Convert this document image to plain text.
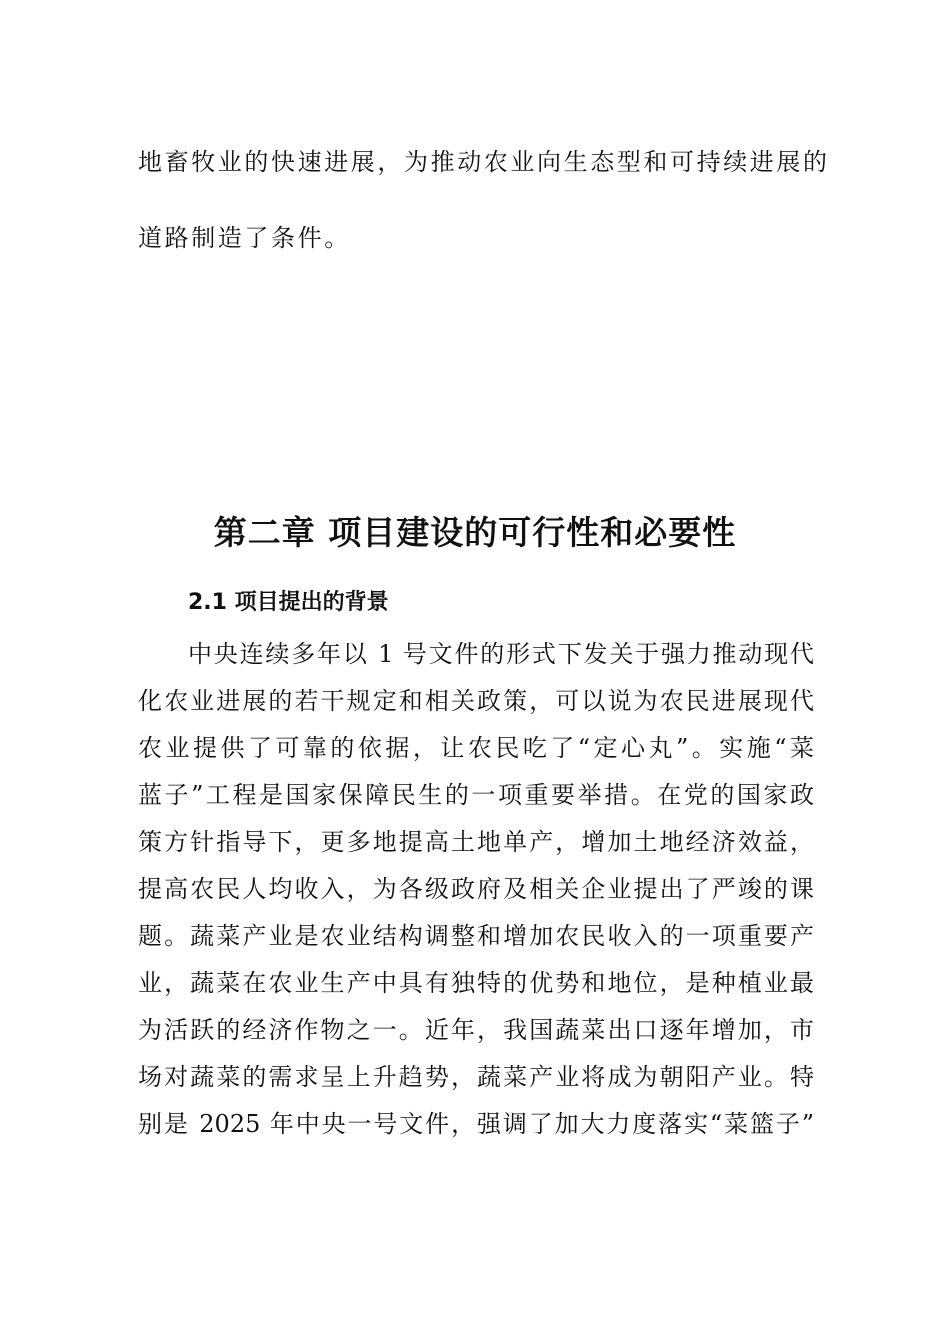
地畜牧业的快速进展，为推动农业向生态型和可持续进展的
道路制造了条件。
第二章 项目建设的可行性和必要性
2.1 项目提出的背景
中央连续多年以 1 号文件的形式下发关于强力推动现代
化农业进展的若干规定和相关政策，可以说为农民进展现代
农业提供了可靠的依据，让农民吃了“定心丸”。实施“菜
蓝子”工程是国家保障民生的一项重要举措。在党的国家政
策方针指导下，更多地提高土地单产，增加土地经济效益，
提高农民人均收入，为各级政府及相关企业提出了严竣的课
题。蔬菜产业是农业结构调整和增加农民收入的一项重要产
业，蔬菜在农业生产中具有独特的优势和地位，是种植业最
为活跃的经济作物之一。近年，我国蔬菜出口逐年增加，市
场对蔬菜的需求呈上升趋势，蔬菜产业将成为朝阳产业。特
别是 2025 年中央一号文件，强调了加大力度落实“菜篮子”
